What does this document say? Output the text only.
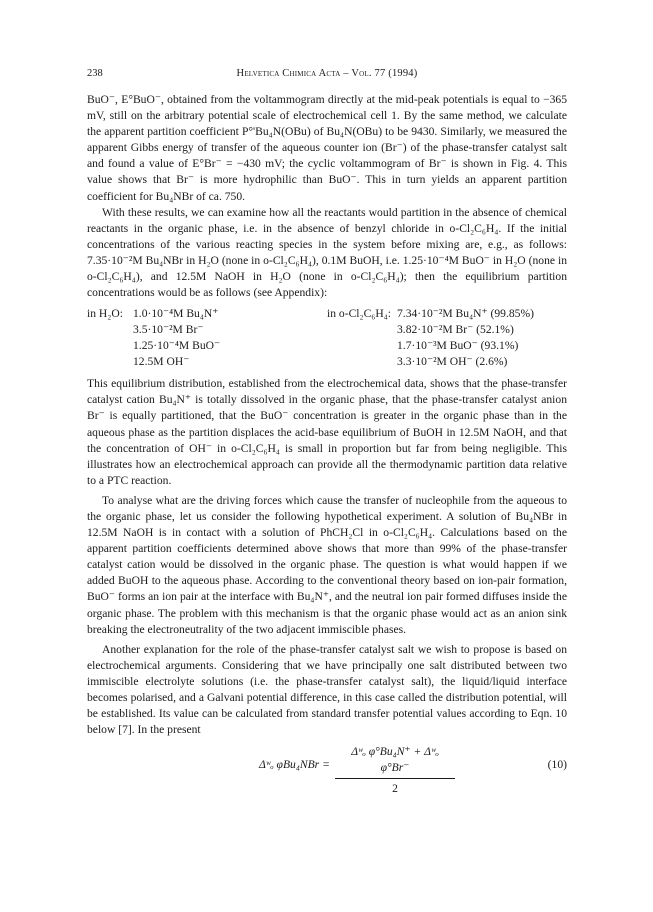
238	Helvetica Chimica Acta – Vol. 77 (1994)

BuO⁻, E°BuO⁻, obtained from the voltammogram directly at the mid-peak potentials is equal to −365 mV, still on the arbitrary potential scale of electrochemical cell 1. By the same method, we calculate the apparent partition coefficient P°'Bu₄N(OBu) of Bu₄N(OBu) to be 9430. Similarly, we measured the apparent Gibbs energy of transfer of the aqueous counter ion (Br⁻) of the phase-transfer catalyst salt and found a value of E°Br⁻ = −430 mV; the cyclic voltammogram of Br⁻ is shown in Fig. 4. This value shows that Br⁻ is more hydrophilic than BuO⁻. This in turn yields an apparent partition coefficient for Bu₄NBr of ca. 750.

With these results, we can examine how all the reactants would partition in the absence of chemical reactants in the organic phase, i.e. in the absence of benzyl chloride in o-Cl₂C₆H₄. If the initial concentrations of the various reacting species in the system before mixing are, e.g., as follows: 7.35·10⁻²M Bu₄NBr in H₂O (none in o-Cl₂C₆H₄), 0.1M BuOH, i.e. 1.25·10⁻⁴M BuO⁻ in H₂O (none in o-Cl₂C₆H₄), and 12.5M NaOH in H₂O (none in o-Cl₂C₆H₄); then the equilibrium partition concentrations would be as follows (see Appendix):

in H₂O: 1.0·10⁻⁴M Bu₄N⁺
3.5·10⁻²M Br⁻
1.25·10⁻⁴M BuO⁻
12.5M OH⁻
in o-Cl₂C₆H₄: 7.34·10⁻²M Bu₄N⁺ (99.85%)
3.82·10⁻²M Br⁻ (52.1%)
1.7·10⁻³M BuO⁻ (93.1%)
3.3·10⁻²M OH⁻ (2.6%)

This equilibrium distribution, established from the electrochemical data, shows that the phase-transfer catalyst cation Bu₄N⁺ is totally dissolved in the organic phase, that the phase-transfer catalyst anion Br⁻ is equally partitioned, that the BuO⁻ concentration is greater in the organic phase than in the aqueous phase as the partition displaces the acid-base equilibrium of BuOH in 12.5M NaOH, and that the concentration of OH⁻ in o-Cl₂C₆H₄ is small in proportion but far from being negligible. This illustrates how an electrochemical approach can provide all the thermodynamic partition data relative to a PTC reaction.

To analyse what are the driving forces which cause the transfer of nucleophile from the aqueous to the organic phase, let us consider the following hypothetical experiment. A solution of Bu₄NBr in 12.5M NaOH is in contact with a solution of PhCH₂Cl in o-Cl₂C₆H₄. Calculations based on the apparent partition coefficients determined above shows that more than 99% of the phase-transfer catalyst cation would be dissolved in the organic phase. The question is what would happen if we added BuOH to the aqueous phase. According to the conventional theory based on ion-pair formation, BuO⁻ forms an ion pair at the interface with Bu₄N⁺, and the neutral ion pair formed diffuses inside the organic phase. The problem with this mechanism is that the organic phase would act as an anion sink breaking the electroneutrality of the two adjacent immiscible phases.

Another explanation for the role of the phase-transfer catalyst salt we wish to propose is based on electrochemical arguments. Considering that we have principally one salt distributed between two immiscible electrolyte solutions (i.e. the phase-transfer catalyst salt), the liquid/liquid interface becomes polarised, and a Galvani potential difference, in this case called the distribution potential, will be established. Its value can be calculated from standard transfer potential values according to Eqn. 10 below [7]. In the present

Δʷₒ φBu₄NBr =
Δʷₒ φ°Bu₄N⁺ + Δʷₒ φ°Br⁻
2
(10)
